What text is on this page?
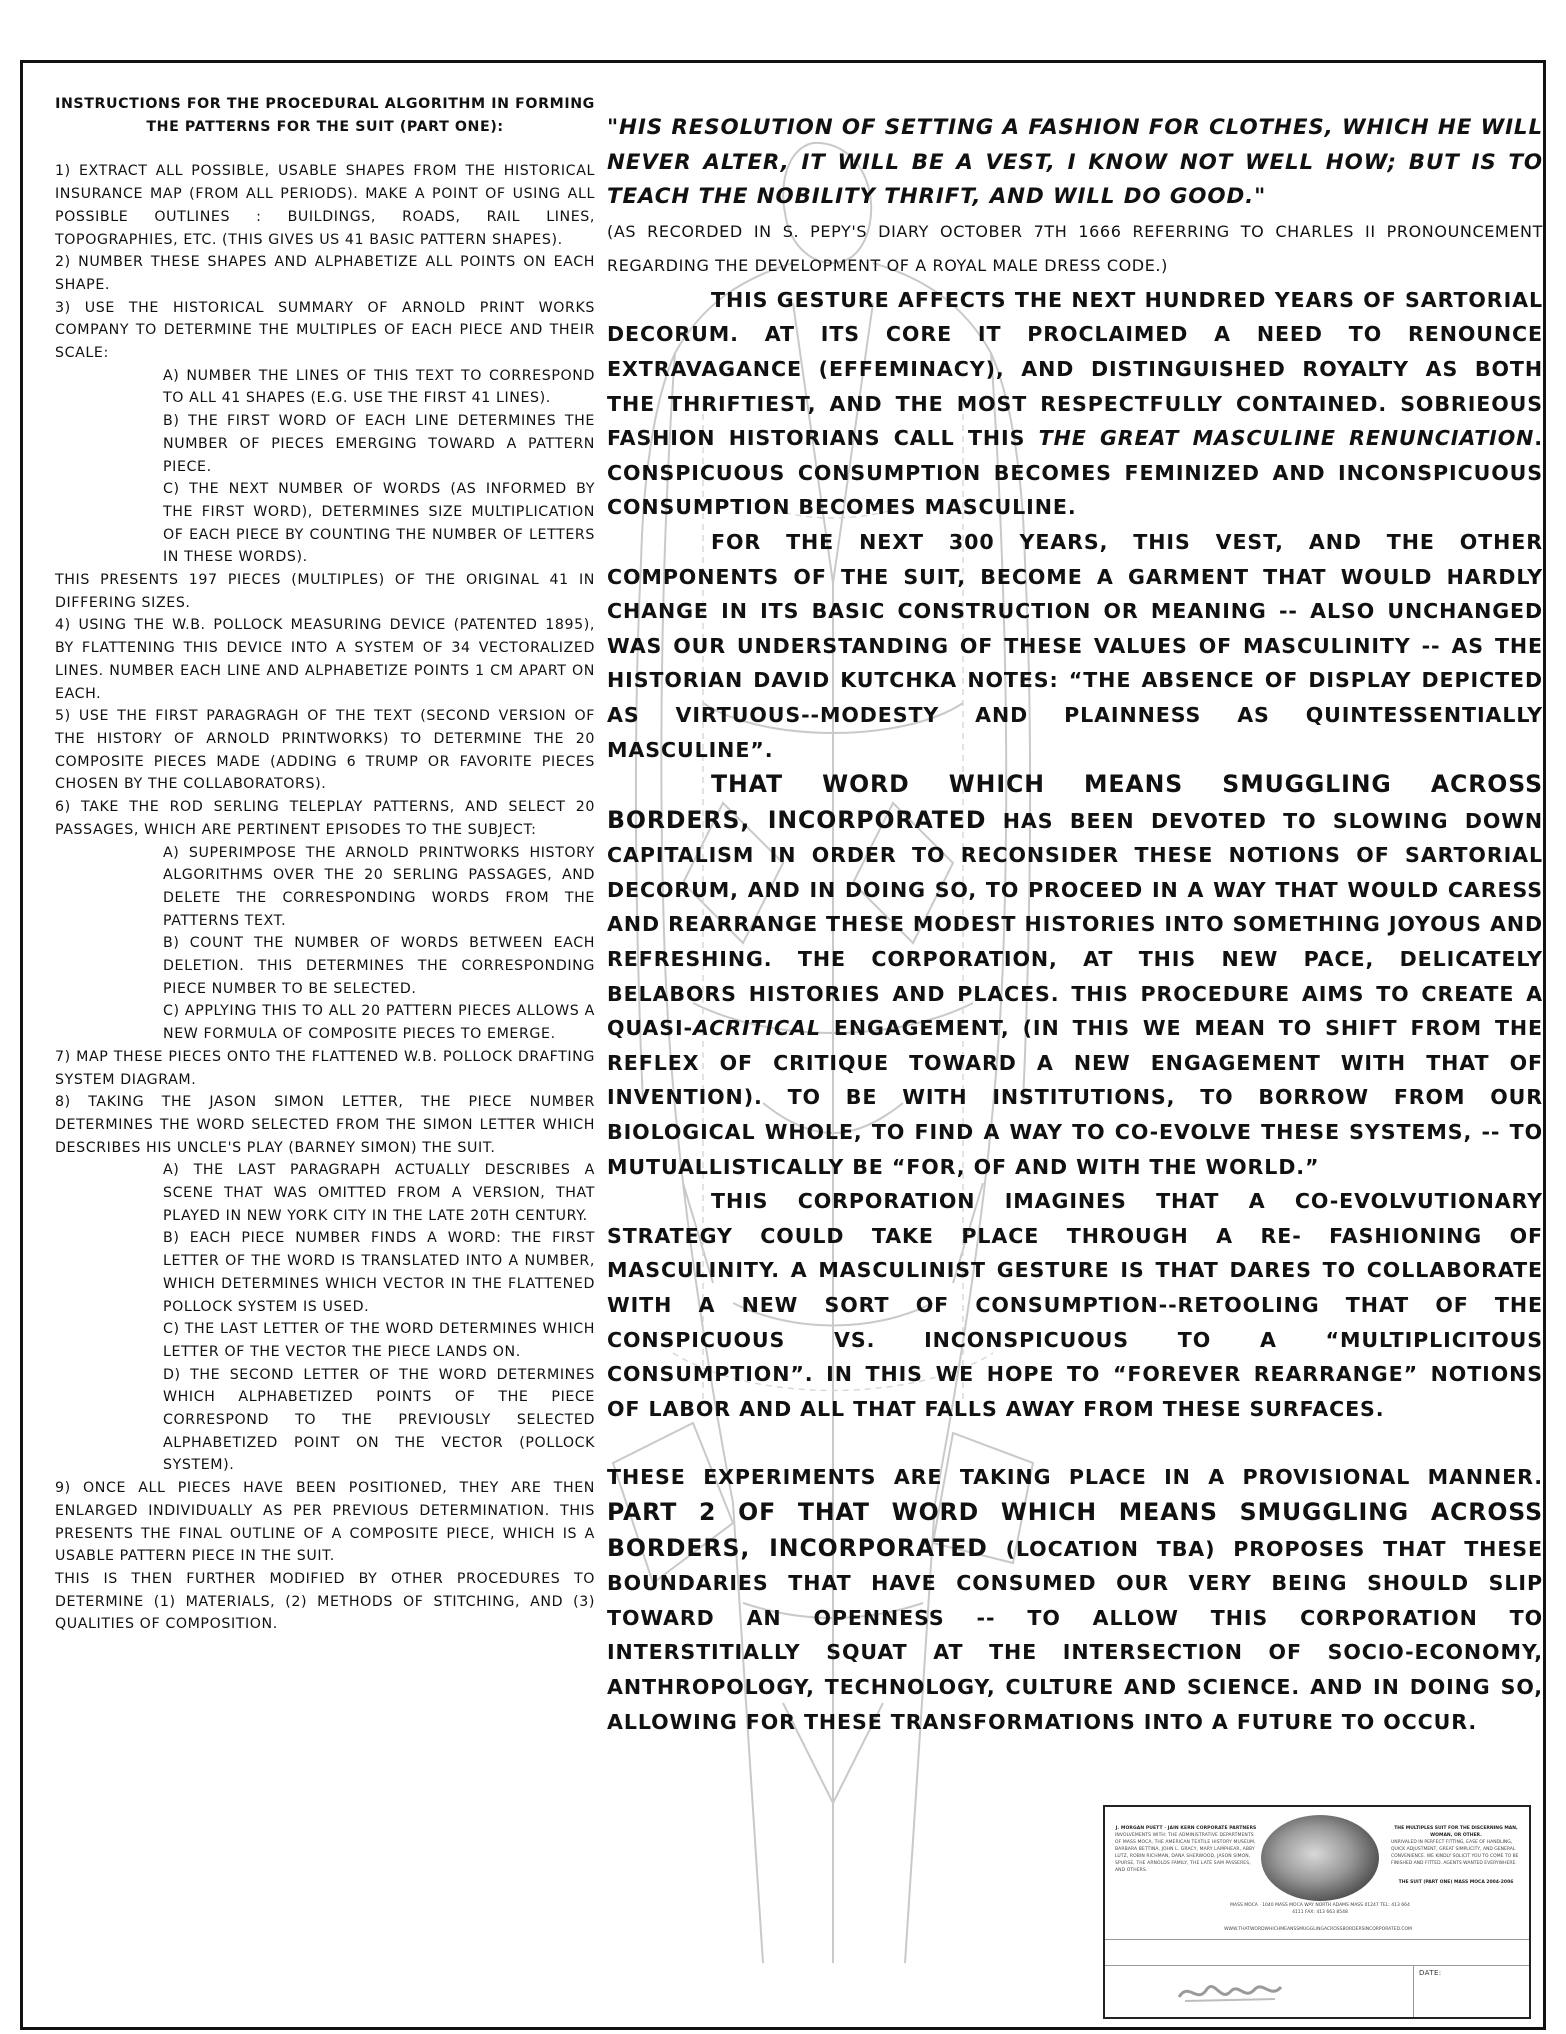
INSTRUCTIONS FOR THE PROCEDURAL ALGORITHM IN FORMING

THE PATTERNS FOR THE SUIT (PART ONE):

1) EXTRACT ALL POSSIBLE, USABLE SHAPES FROM THE HISTORICAL INSURANCE MAP (FROM ALL PERIODS). MAKE A POINT OF USING ALL POSSIBLE OUTLINES : BUILDINGS, ROADS, RAIL LINES, TOPOGRAPHIES, ETC. (THIS GIVES US 41 BASIC PATTERN SHAPES).

2) NUMBER THESE SHAPES AND ALPHABETIZE ALL POINTS ON EACH SHAPE.

3) USE THE HISTORICAL SUMMARY OF ARNOLD PRINT WORKS COMPANY TO DETERMINE THE MULTIPLES OF EACH PIECE AND THEIR SCALE:

A) NUMBER THE LINES OF THIS TEXT TO CORRESPOND TO ALL 41 SHAPES (E.G. USE THE FIRST 41 LINES).

B) THE FIRST WORD OF EACH LINE DETERMINES THE NUMBER OF PIECES EMERGING TOWARD A PATTERN PIECE.

C) THE NEXT NUMBER OF WORDS (AS INFORMED BY THE FIRST WORD), DETERMINES SIZE MULTIPLICATION OF EACH PIECE BY COUNTING THE NUMBER OF LETTERS IN THESE WORDS).

THIS PRESENTS 197 PIECES (MULTIPLES) OF THE ORIGINAL 41 IN DIFFERING SIZES.

4) USING THE W.B. POLLOCK MEASURING DEVICE (PATENTED 1895), BY FLATTENING THIS DEVICE INTO A SYSTEM OF 34 VECTORALIZED LINES. NUMBER EACH LINE AND ALPHABETIZE POINTS 1 CM APART ON EACH.

5) USE THE FIRST PARAGRAGH OF THE TEXT (SECOND VERSION OF THE HISTORY OF ARNOLD PRINTWORKS) TO DETERMINE THE 20 COMPOSITE PIECES MADE (ADDING 6 TRUMP OR FAVORITE PIECES CHOSEN BY THE COLLABORATORS).

6) TAKE THE ROD SERLING TELEPLAY PATTERNS, AND SELECT 20 PASSAGES, WHICH ARE PERTINENT EPISODES TO THE SUBJECT:

A) SUPERIMPOSE THE ARNOLD PRINTWORKS HISTORY ALGORITHMS OVER THE 20 SERLING PASSAGES, AND DELETE THE CORRESPONDING WORDS FROM THE PATTERNS TEXT.

B) COUNT THE NUMBER OF WORDS BETWEEN EACH DELETION. THIS DETERMINES THE CORRESPONDING PIECE NUMBER TO BE SELECTED.

C) APPLYING THIS TO ALL 20 PATTERN PIECES ALLOWS A NEW FORMULA OF COMPOSITE PIECES TO EMERGE.

7) MAP THESE PIECES ONTO THE FLATTENED W.B. POLLOCK DRAFTING SYSTEM DIAGRAM.

8) TAKING THE JASON SIMON LETTER, THE PIECE NUMBER DETERMINES THE WORD SELECTED FROM THE SIMON LETTER WHICH DESCRIBES HIS UNCLE'S PLAY (BARNEY SIMON) THE SUIT.

A) THE LAST PARAGRAPH ACTUALLY DESCRIBES A SCENE THAT WAS OMITTED FROM A VERSION, THAT PLAYED IN NEW YORK CITY IN THE LATE 20TH CENTURY.

B) EACH PIECE NUMBER FINDS A WORD: THE FIRST LETTER OF THE WORD IS TRANSLATED INTO A NUMBER, WHICH DETERMINES WHICH VECTOR IN THE FLATTENED POLLOCK SYSTEM IS USED.

C) THE LAST LETTER OF THE WORD DETERMINES WHICH LETTER OF THE VECTOR THE PIECE LANDS ON.

D) THE SECOND LETTER OF THE WORD DETERMINES WHICH ALPHABETIZED POINTS OF THE PIECE CORRESPOND TO THE PREVIOUSLY SELECTED ALPHABETIZED POINT ON THE VECTOR (POLLOCK SYSTEM).

9) ONCE ALL PIECES HAVE BEEN POSITIONED, THEY ARE THEN ENLARGED INDIVIDUALLY AS PER PREVIOUS DETERMINATION. THIS PRESENTS THE FINAL OUTLINE OF A COMPOSITE PIECE, WHICH IS A USABLE PATTERN PIECE IN THE SUIT.

THIS IS THEN FURTHER MODIFIED BY OTHER PROCEDURES TO DETERMINE (1) MATERIALS, (2) METHODS OF STITCHING, AND (3) QUALITIES OF COMPOSITION.

"HIS RESOLUTION OF SETTING A FASHION FOR CLOTHES, WHICH HE WILL NEVER ALTER, IT WILL BE A VEST, I KNOW NOT WELL HOW; BUT IS TO TEACH THE NOBILITY THRIFT, AND WILL DO GOOD."

(AS RECORDED IN S. PEPY'S DIARY OCTOBER 7TH 1666 REFERRING TO CHARLES II PRONOUNCEMENT REGARDING THE DEVELOPMENT OF A ROYAL MALE DRESS CODE.)

THIS GESTURE AFFECTS THE NEXT HUNDRED YEARS OF SARTORIAL DECORUM. AT ITS CORE IT PROCLAIMED A NEED TO RENOUNCE EXTRAVAGANCE (EFFEMINACY), AND DISTINGUISHED ROYALTY AS BOTH THE THRIFTIEST, AND THE MOST RESPECTFULLY CONTAINED. SOBRIEOUS FASHION HISTORIANS CALL THIS THE GREAT MASCULINE RENUNCIATION. CONSPICUOUS CONSUMPTION BECOMES FEMINIZED AND INCONSPICUOUS CONSUMPTION BECOMES MASCULINE.

FOR THE NEXT 300 YEARS, THIS VEST, AND THE OTHER COMPONENTS OF THE SUIT, BECOME A GARMENT THAT WOULD HARDLY CHANGE IN ITS BASIC CONSTRUCTION OR MEANING -- ALSO UNCHANGED WAS OUR UNDERSTANDING OF THESE VALUES OF MASCULINITY -- AS THE HISTORIAN DAVID KUTCHKA NOTES: “THE ABSENCE OF DISPLAY DEPICTED AS VIRTUOUS--MODESTY AND PLAINNESS AS QUINTESSENTIALLY MASCULINE”.

THAT WORD WHICH MEANS SMUGGLING ACROSS BORDERS, INCORPORATED HAS BEEN DEVOTED TO SLOWING DOWN CAPITALISM IN ORDER TO RECONSIDER THESE NOTIONS OF SARTORIAL DECORUM, AND IN DOING SO, TO PROCEED IN A WAY THAT WOULD CARESS AND REARRANGE THESE MODEST HISTORIES INTO SOMETHING JOYOUS AND REFRESHING. THE CORPORATION, AT THIS NEW PACE, DELICATELY BELABORS HISTORIES AND PLACES. THIS PROCEDURE AIMS TO CREATE A QUASI-ACRITICAL ENGAGEMENT, (IN THIS WE MEAN TO SHIFT FROM THE REFLEX OF CRITIQUE TOWARD A NEW ENGAGEMENT WITH THAT OF INVENTION). TO BE WITH INSTITUTIONS, TO BORROW FROM OUR BIOLOGICAL WHOLE, TO FIND A WAY TO CO-EVOLVE THESE SYSTEMS, -- TO MUTUALLISTICALLY BE “FOR, OF AND WITH THE WORLD.”

THIS CORPORATION IMAGINES THAT A CO-EVOLVUTIONARY STRATEGY COULD TAKE PLACE THROUGH A RE- FASHIONING OF MASCULINITY. A MASCULINIST GESTURE IS THAT DARES TO COLLABORATE WITH A NEW SORT OF CONSUMPTION--RETOOLING THAT OF THE CONSPICUOUS VS. INCONSPICUOUS TO A “MULTIPLICITOUS CONSUMPTION”. IN THIS WE HOPE TO “FOREVER REARRANGE” NOTIONS OF LABOR AND ALL THAT FALLS AWAY FROM THESE SURFACES.

THESE EXPERIMENTS ARE TAKING PLACE IN A PROVISIONAL MANNER. PART 2 OF THAT WORD WHICH MEANS SMUGGLING ACROSS BORDERS, INCORPORATED (LOCATION TBA) PROPOSES THAT THESE BOUNDARIES THAT HAVE CONSUMED OUR VERY BEING SHOULD SLIP TOWARD AN OPENNESS -- TO ALLOW THIS CORPORATION TO INTERSTITIALLY SQUAT AT THE INTERSECTION OF SOCIO-ECONOMY, ANTHROPOLOGY, TECHNOLOGY, CULTURE AND SCIENCE. AND IN DOING SO, ALLOWING FOR THESE TRANSFORMATIONS INTO A FUTURE TO OCCUR.

J. MORGAN PUETT · JAIN KERN CORPORATE PARTNERS
INVOLVEMENTS WITH: THE ADMINISTRATIVE DEPARTMENTS OF MASS MOCA, THE AMERICAN TEXTILE HISTORY MUSEUM, BARBARA BETTINA, JOHN L. GRACY, MARY LAMPHEAR, ABBY LUTZ, ROBIN RICHMAN, DANA SHERWOOD, JASON SIMON, SPURSE, THE ARNOLDS FAMILY, THE LATE SAM PASSERES, AND OTHERS.
THE MULTIPLES SUIT FOR THE DISCERNING MAN, WOMAN, OR OTHER.
UNRIVALED IN PERFECT FITTING, EASE OF HANDLING, QUICK ADJUSTMENT, GREAT SIMPLICITY, AND GENERAL CONVENIENCE. WE KINDLY SOLICIT YOU TO COME TO BE FINISHED AND FITTED. AGENTS WANTED EVERYWHERE.
THE SUIT (PART ONE) MASS MOCA 2004-2006
MASS MOCA · 1040 MASS MOCA WAY NORTH ADAMS MASS 01247 TEL: 413 664 4111 FAX: 413 663 8548
WWW.THATWORDWHICHMEANSSMUGGLINGACROSSBORDERSINCORPORATED.COM
DATE:
